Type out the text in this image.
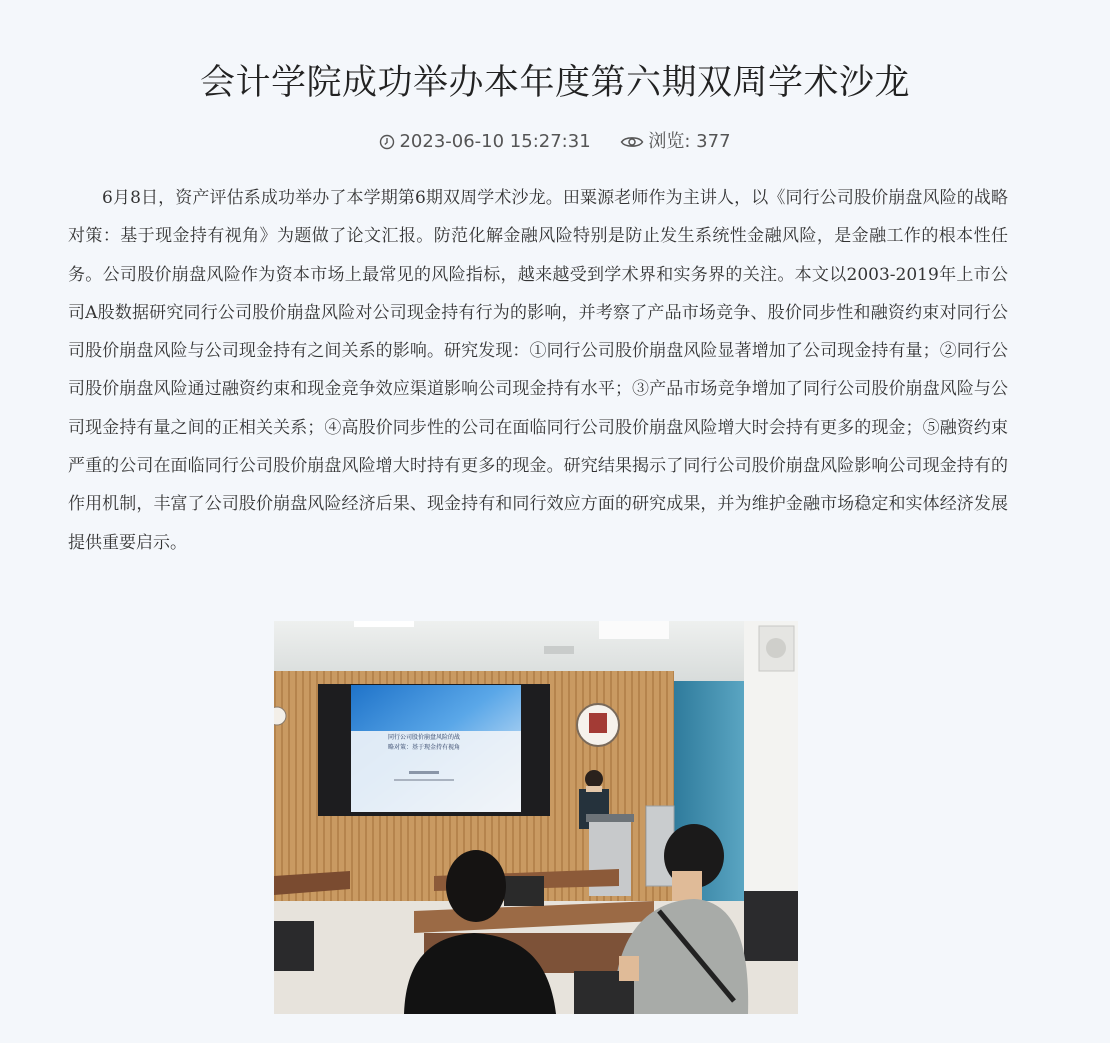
会计学院成功举办本年度第六期双周学术沙龙
2023-06-10 15:27:31
	浏览: 377

6月8日，资产评估系成功举办了本学期第6期双周学术沙龙。田粟源老师作为主讲人，以《同行公司股价崩盘风险的战略对策：基于现金持有视角》为题做了论文汇报。防范化解金融风险特别是防止发生系统性金融风险，是金融工作的根本性任务。公司股价崩盘风险作为资本市场上最常见的风险指标，越来越受到学术界和实务界的关注。本文以2003-2019年上市公司A股数据研究同行公司股价崩盘风险对公司现金持有行为的影响，并考察了产品市场竞争、股价同步性和融资约束对同行公司股价崩盘风险与公司现金持有之间关系的影响。研究发现：①同行公司股价崩盘风险显著增加了公司现金持有量；②同行公司股价崩盘风险通过融资约束和现金竞争效应渠道影响公司现金持有水平；③产品市场竞争增加了同行公司股价崩盘风险与公司现金持有量之间的正相关关系；④高股价同步性的公司在面临同行公司股价崩盘风险增大时会持有更多的现金；⑤融资约束严重的公司在面临同行公司股价崩盘风险增大时持有更多的现金。研究结果揭示了同行公司股价崩盘风险影响公司现金持有的作用机制，丰富了公司股价崩盘风险经济后果、现金持有和同行效应方面的研究成果，并为维护金融市场稳定和实体经济发展提供重要启示。

同行公司股价崩盘风险的战
略对策：基于现金持有视角
